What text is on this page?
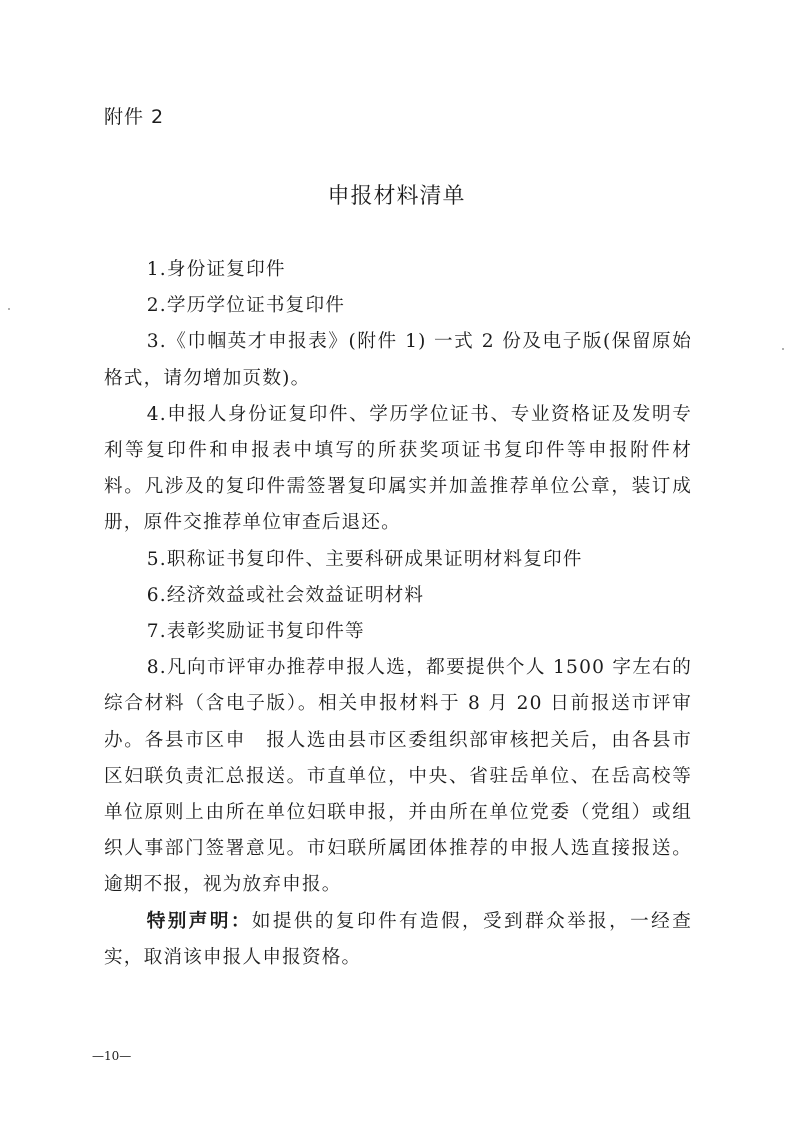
附件 2
申报材料清单

1.身份证复印件

2.学历学位证书复印件

3.《巾帼英才申报表》(附件 1) 一式 2 份及电子版(保留原始格式，请勿增加页数)。

4.申报人身份证复印件、学历学位证书、专业资格证及发明专利等复印件和申报表中填写的所获奖项证书复印件等申报附件材料。凡涉及的复印件需签署复印属实并加盖推荐单位公章，装订成册，原件交推荐单位审查后退还。

5.职称证书复印件、主要科研成果证明材料复印件

6.经济效益或社会效益证明材料

7.表彰奖励证书复印件等

8.凡向市评审办推荐申报人选，都要提供个人 1500 字左右的综合材料（含电子版）。相关申报材料于 8 月 20 日前报送市评审办。各县市区申　报人选由县市区委组织部审核把关后，由各县市区妇联负责汇总报送。市直单位，中央、省驻岳单位、在岳高校等单位原则上由所在单位妇联申报，并由所在单位党委（党组）或组织人事部门签署意见。市妇联所属团体推荐的申报人选直接报送。逾期不报，视为放弃申报。

特别声明：如提供的复印件有造假，受到群众举报，一经查实，取消该申报人申报资格。

—10—
